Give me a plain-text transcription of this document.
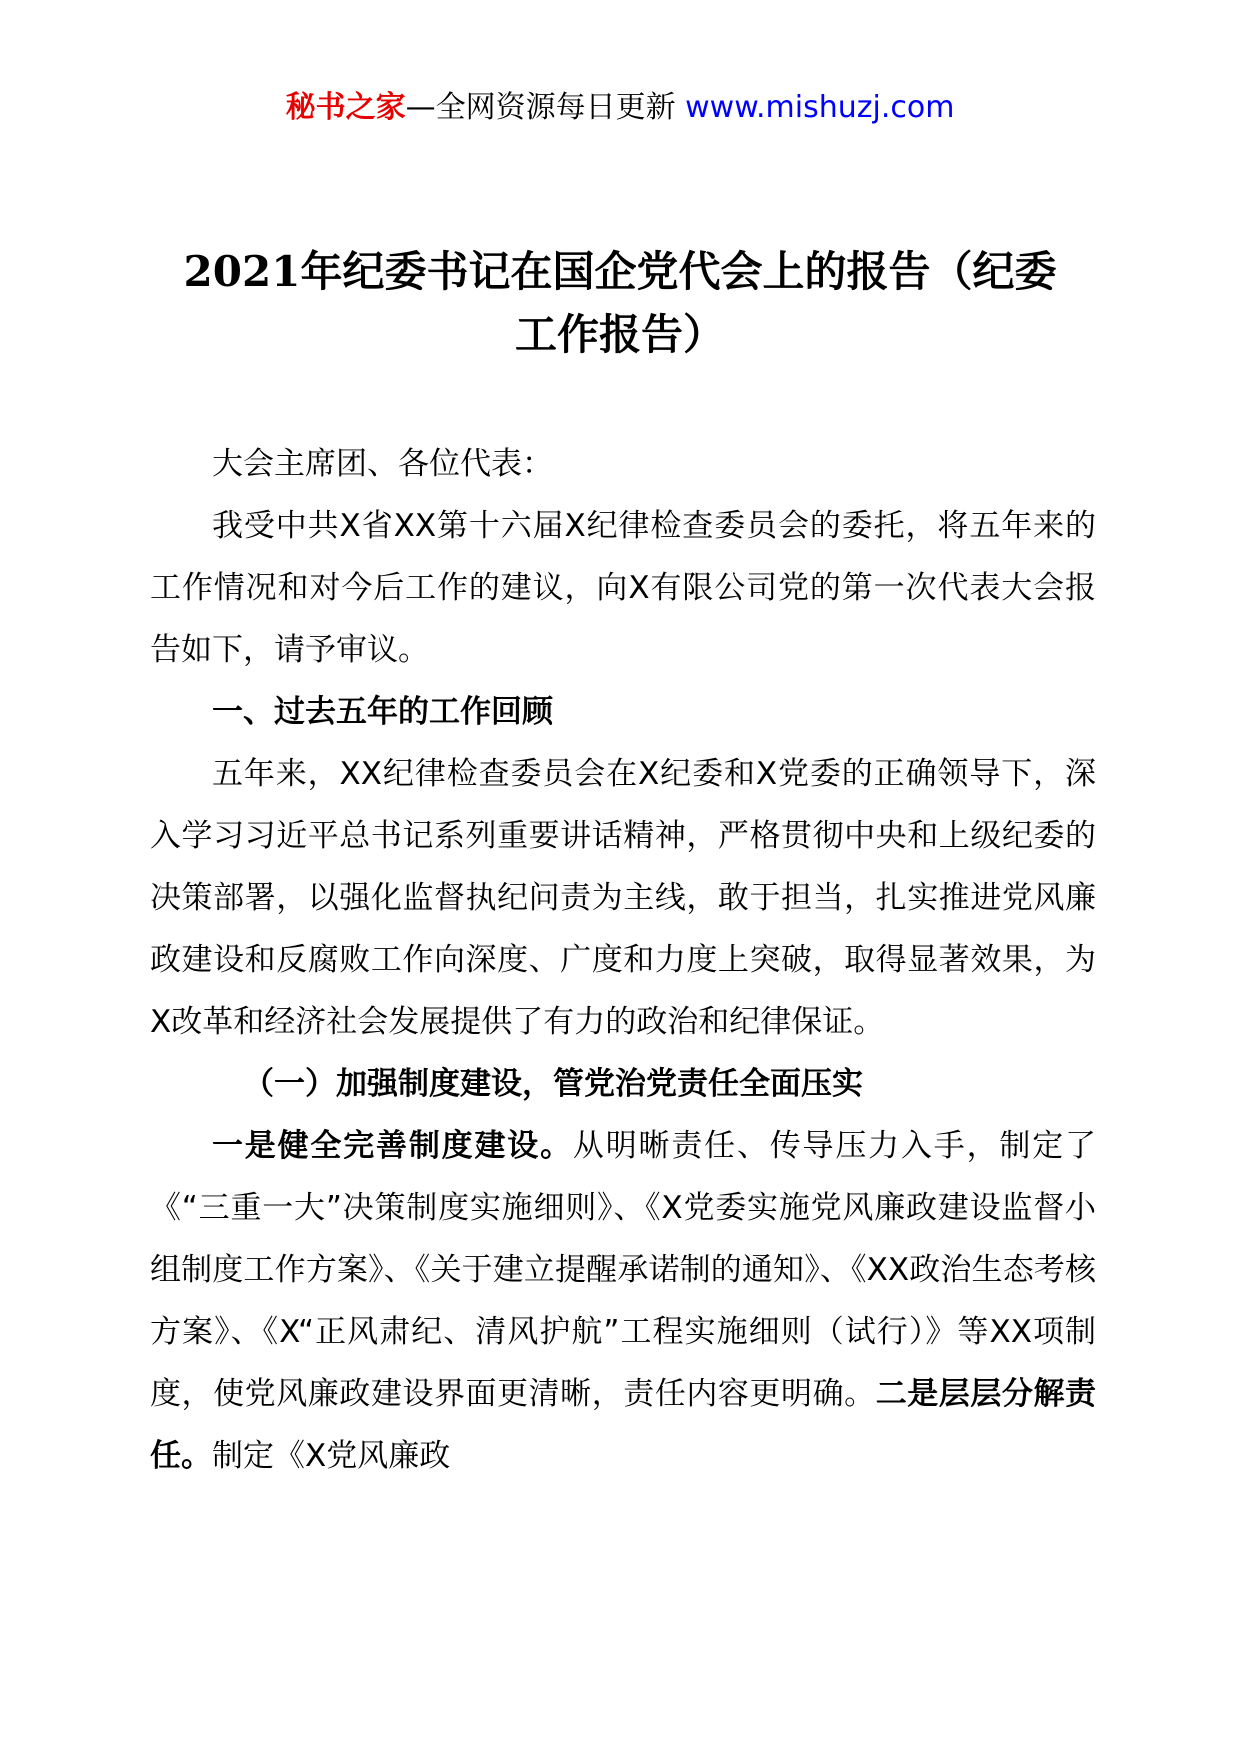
秘书之家—全网资源每日更新 www.mishuzj.com
2021年纪委书记在国企党代会上的报告（纪委
工作报告）

大会主席团、各位代表：

我受中共X省XX第十六届X纪律检查委员会的委托，将五年来的工作情况和对今后工作的建议，向X有限公司党的第一次代表大会报告如下，请予审议。

一、过去五年的工作回顾

五年来，XX纪律检查委员会在X纪委和X党委的正确领导下，深入学习习近平总书记系列重要讲话精神，严格贯彻中央和上级纪委的决策部署，以强化监督执纪问责为主线，敢于担当，扎实推进党风廉政建设和反腐败工作向深度、广度和力度上突破，取得显著效果，为X改革和经济社会发展提供了有力的政治和纪律保证。

（一）加强制度建设，管党治党责任全面压实

一是健全完善制度建设。从明晰责任、传导压力入手，制定了《“三重一大”决策制度实施细则》、《X党委实施党风廉政建设监督小组制度工作方案》、《关于建立提醒承诺制的通知》、《XX政治生态考核方案》、《X“正风肃纪、清风护航”工程实施细则（试行）》等XX项制度，使党风廉政建设界面更清晰，责任内容更明确。二是层层分解责任。制定《X党风廉政
